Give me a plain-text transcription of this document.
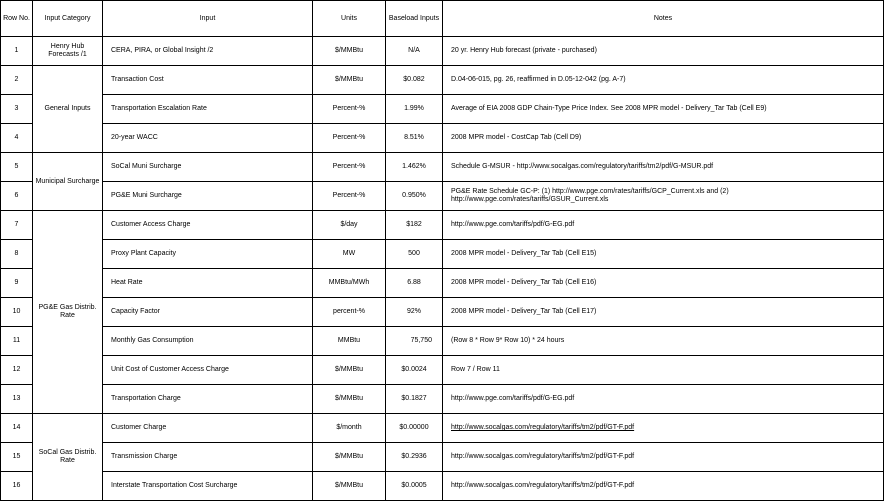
Row No.	Input Category	Input	Units	Baseload Inputs	Notes
1	Henry Hub Forecasts /1	CERA, PIRA, or Global Insight /2	$/MMBtu	N/A	20 yr. Henry Hub forecast (private - purchased)
2	General Inputs	Transaction Cost	$/MMBtu	$0.082	D.04-06-015, pg. 26, reaffirmed in D.05-12-042 (pg. A-7)
3		Transportation Escalation Rate	Percent-%	1.99%	Average of EIA 2008 GDP Chain-Type Price Index. See 2008 MPR model - Delivery_Tar Tab (Cell E9)
4		20-year WACC	Percent-%	8.51%	2008 MPR model - CostCap Tab (Cell D9)
5	Municipal Surcharge	SoCal Muni Surcharge	Percent-%	1.462%	Schedule G-MSUR - http://www.socalgas.com/regulatory/tariffs/tm2/pdf/G-MSUR.pdf
6		PG&E Muni Surcharge	Percent-%	0.950%	PG&E Rate Schedule GC-P: (1) http://www.pge.com/rates/tariffs/GCP_Current.xls and (2) http://www.pge.com/rates/tariffs/GSUR_Current.xls
7	PG&E Gas Distrib. Rate	Customer Access Charge	$/day	$182	http://www.pge.com/tariffs/pdf/G-EG.pdf
8		Proxy Plant Capacity	MW	500	2008 MPR model - Delivery_Tar Tab (Cell E15)
9		Heat Rate	MMBtu/MWh	6.88	2008 MPR model - Delivery_Tar Tab (Cell E16)
10		Capacity Factor	percent-%	92%	2008 MPR model - Delivery_Tar Tab (Cell E17)
11		Monthly Gas Consumption	MMBtu	75,750	(Row 8 * Row 9* Row 10) * 24 hours
12		Unit Cost of Customer Access Charge	$/MMBtu	$0.0024	Row 7 / Row 11
13		Transportation Charge	$/MMBtu	$0.1827	http://www.pge.com/tariffs/pdf/G-EG.pdf
14	SoCal Gas Distrib. Rate	Customer Charge	$/month	$0.00000	http://www.socalgas.com/regulatory/tariffs/tm2/pdf/GT-F.pdf
15		Transmission Charge	$/MMBtu	$0.2936	http://www.socalgas.com/regulatory/tariffs/tm2/pdf/GT-F.pdf
16		Interstate Transportation Cost Surcharge	$/MMBtu	$0.0005	http://www.socalgas.com/regulatory/tariffs/tm2/pdf/GT-F.pdf
